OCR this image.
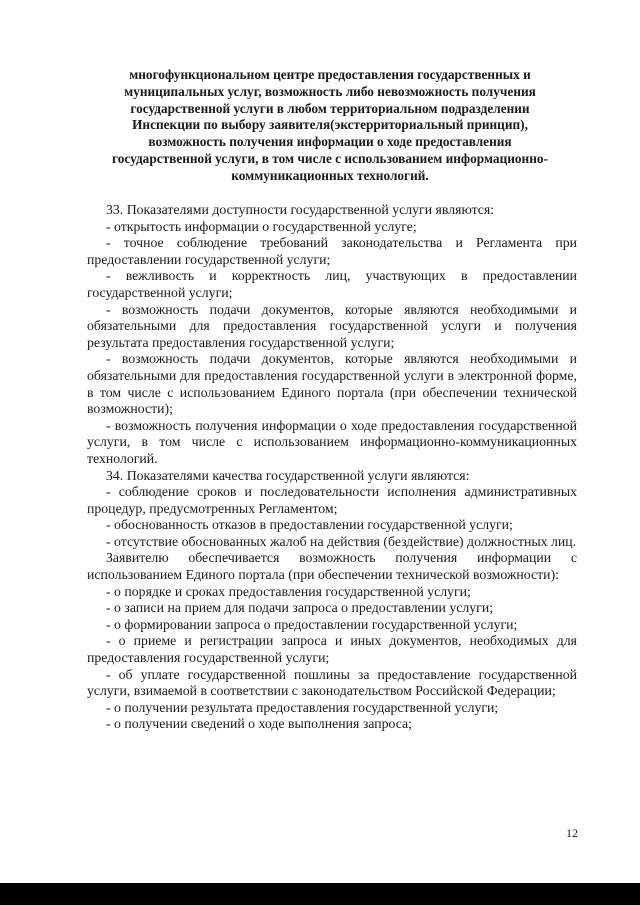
многофункциональном центре предоставления государственных и
муниципальных услуг, возможность либо невозможность получения
государственной услуги в любом территориальном подразделении
Инспекции по выбору заявителя(экстерриториальный принцип),
возможность получения информации о ходе предоставления
государственной услуги, в том числе с использованием информационно-
коммуникационных технологий.

33. Показателями доступности государственной услуги являются:

- открытость информации о государственной услуге;

- точное соблюдение требований законодательства и Регламента при предоставлении государственной услуги;

- вежливость и корректность лиц, участвующих в предоставлении государственной услуги;

- возможность подачи документов, которые являются необходимыми и обязательными для предоставления государственной услуги и получения результата предоставления государственной услуги;

- возможность подачи документов, которые являются необходимыми и обязательными для предоставления государственной услуги в электронной форме, в том числе с использованием Единого портала (при обеспечении технической возможности);

- возможность получения информации о ходе предоставления государственной услуги, в том числе с использованием информационно-коммуникационных технологий.

34. Показателями качества государственной услуги являются:

- соблюдение сроков и последовательности исполнения административных процедур, предусмотренных Регламентом;

- обоснованность отказов в предоставлении государственной услуги;

- отсутствие обоснованных жалоб на действия (бездействие) должностных лиц.

Заявителю обеспечивается возможность получения информации с использованием Единого портала (при обеспечении технической возможности):

- о порядке и сроках предоставления государственной услуги;

- о записи на прием для подачи запроса о предоставлении услуги;

- о формировании запроса о предоставлении государственной услуги;

- о приеме и регистрации запроса и иных документов, необходимых для предоставления государственной услуги;

- об уплате государственной пошлины за предоставление государственной услуги, взимаемой в соответствии с законодательством Российской Федерации;

- о получении результата предоставления государственной услуги;

- о получении сведений о ходе выполнения запроса;

12
